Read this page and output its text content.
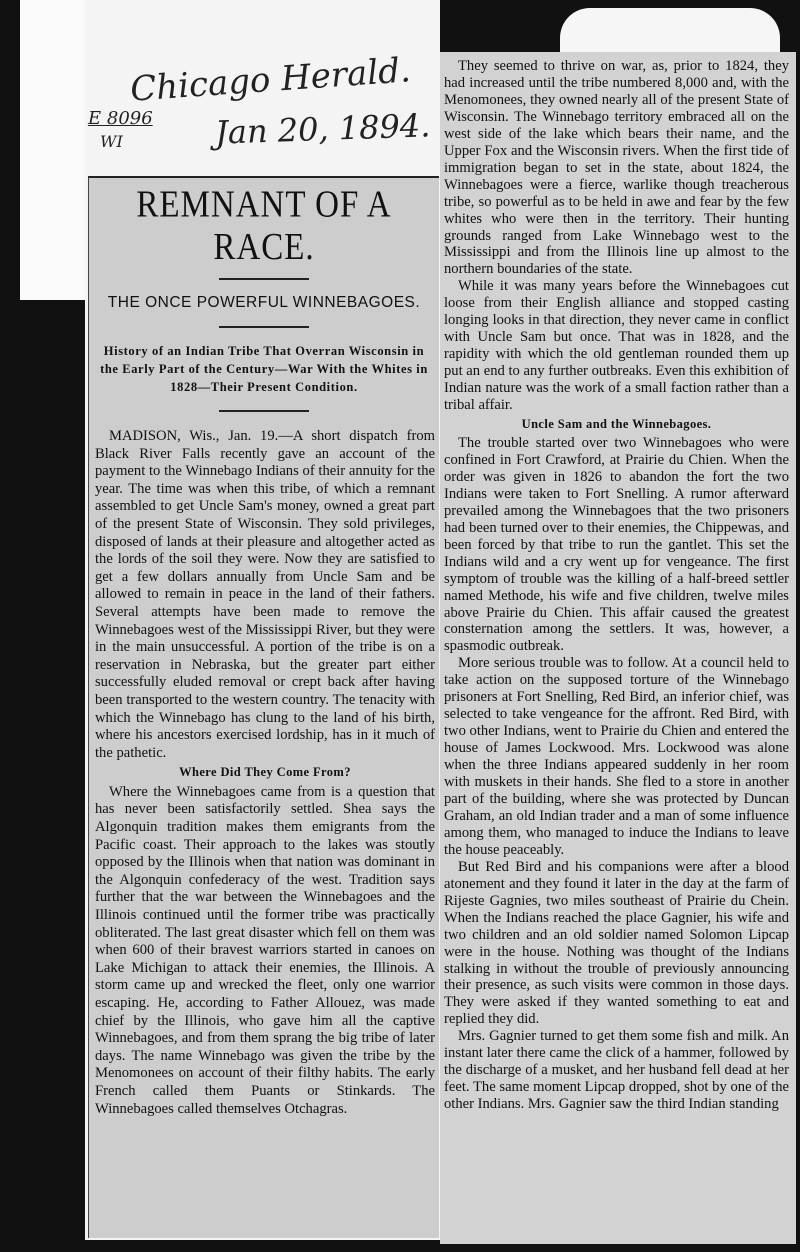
Chicago Herald.
Jan 20, 1894.
E 8096
WI
REMNANT OF A RACE.
THE ONCE POWERFUL WINNEBAGOES.
History of an Indian Tribe That Overran Wisconsin in the Early Part of the Century—War With the Whites in 1828—Their Present Condition.

MADISON, Wis., Jan. 19.—A short dispatch from Black River Falls recently gave an account of the payment to the Winnebago Indians of their annuity for the year. The time was when this tribe, of which a remnant assembled to get Uncle Sam's money, owned a great part of the present State of Wisconsin. They sold privileges, disposed of lands at their pleasure and altogether acted as the lords of the soil they were. Now they are satisfied to get a few dollars annually from Uncle Sam and be allowed to remain in peace in the land of their fathers. Several attempts have been made to remove the Winnebagoes west of the Mississippi River, but they were in the main unsuccessful. A portion of the tribe is on a reservation in Nebraska, but the greater part either successfully eluded removal or crept back after having been transported to the western country. The tenacity with which the Winnebago has clung to the land of his birth, where his ancestors exercised lordship, has in it much of the pathetic.

Where Did They Come From?

Where the Winnebagoes came from is a question that has never been satisfactorily settled. Shea says the Algonquin tradition makes them emigrants from the Pacific coast. Their approach to the lakes was stoutly opposed by the Illinois when that nation was dominant in the Algonquin confederacy of the west. Tradition says further that the war between the Winnebagoes and the Illinois continued until the former tribe was practically obliterated. The last great disaster which fell on them was when 600 of their bravest warriors started in canoes on Lake Michigan to attack their enemies, the Illinois. A storm came up and wrecked the fleet, only one warrior escaping. He, according to Father Allouez, was made chief by the Illinois, who gave him all the captive Winnebagoes, and from them sprang the big tribe of later days. The name Winnebago was given the tribe by the Menomonees on account of their filthy habits. The early French called them Puants or Stinkards. The Winnebagoes called themselves Otchagras.

They seemed to thrive on war, as, prior to 1824, they had increased until the tribe numbered 8,000 and, with the Menomonees, they owned nearly all of the present State of Wisconsin. The Winnebago territory embraced all on the west side of the lake which bears their name, and the Upper Fox and the Wisconsin rivers. When the first tide of immigration began to set in the state, about 1824, the Winnebagoes were a fierce, warlike though treacherous tribe, so powerful as to be held in awe and fear by the few whites who were then in the territory. Their hunting grounds ranged from Lake Winnebago west to the Mississippi and from the Illinois line up almost to the northern boundaries of the state.

While it was many years before the Winnebagoes cut loose from their English alliance and stopped casting longing looks in that direction, they never came in conflict with Uncle Sam but once. That was in 1828, and the rapidity with which the old gentleman rounded them up put an end to any further outbreaks. Even this exhibition of Indian nature was the work of a small faction rather than a tribal affair.

Uncle Sam and the Winnebagoes.

The trouble started over two Winnebagoes who were confined in Fort Crawford, at Prairie du Chien. When the order was given in 1826 to abandon the fort the two Indians were taken to Fort Snelling. A rumor afterward prevailed among the Winnebagoes that the two prisoners had been turned over to their enemies, the Chippewas, and been forced by that tribe to run the gantlet. This set the Indians wild and a cry went up for vengeance. The first symptom of trouble was the killing of a half-breed settler named Methode, his wife and five children, twelve miles above Prairie du Chien. This affair caused the greatest consternation among the settlers. It was, however, a spasmodic outbreak.

More serious trouble was to follow. At a council held to take action on the supposed torture of the Winnebago prisoners at Fort Snelling, Red Bird, an inferior chief, was selected to take vengeance for the affront. Red Bird, with two other Indians, went to Prairie du Chien and entered the house of James Lockwood. Mrs. Lockwood was alone when the three Indians appeared suddenly in her room with muskets in their hands. She fled to a store in another part of the building, where she was protected by Duncan Graham, an old Indian trader and a man of some influence among them, who managed to induce the Indians to leave the house peaceably.

But Red Bird and his companions were after a blood atonement and they found it later in the day at the farm of Rijeste Gagnies, two miles southeast of Prairie du Chein. When the Indians reached the place Gagnier, his wife and two children and an old soldier named Solomon Lipcap were in the house. Nothing was thought of the Indians stalking in without the trouble of previously announcing their presence, as such visits were common in those days. They were asked if they wanted something to eat and replied they did.

Mrs. Gagnier turned to get them some fish and milk. An instant later there came the click of a hammer, followed by the discharge of a musket, and her husband fell dead at her feet. The same moment Lipcap dropped, shot by one of the other Indians. Mrs. Gagnier saw the third Indian standing
